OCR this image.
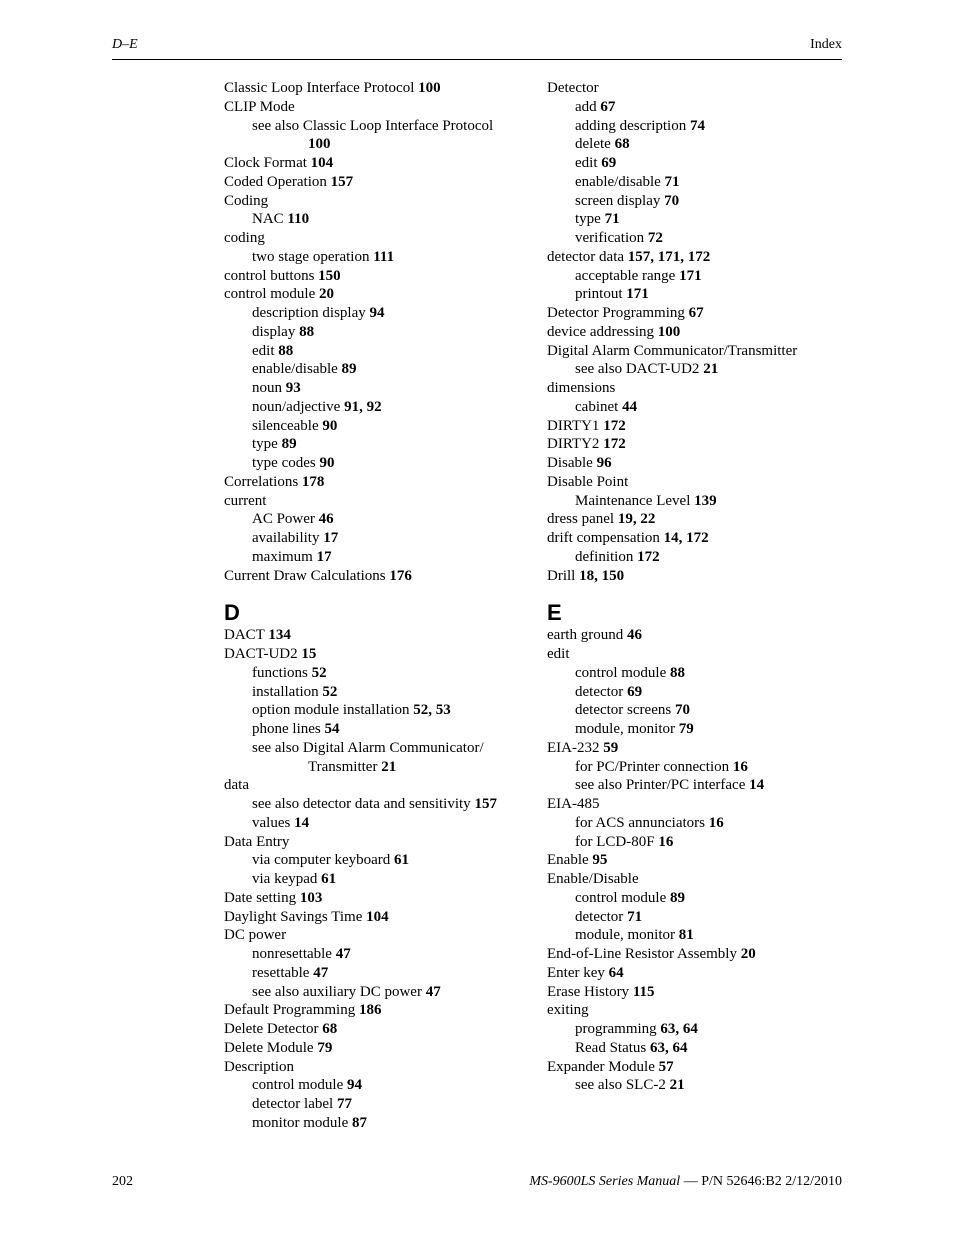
D–E	Index
Classic Loop Interface Protocol 100
CLIP Mode
see also Classic Loop Interface Protocol
100
Clock Format 104
Coded Operation 157
Coding
NAC 110
coding
two stage operation 111
control buttons 150
control module 20
description display 94
display 88
edit 88
enable/disable 89
noun 93
noun/adjective 91, 92
silenceable 90
type 89
type codes 90
Correlations 178
current
AC Power 46
availability 17
maximum 17
Current Draw Calculations 176
D
DACT 134
DACT-UD2 15
functions 52
installation 52
option module installation 52, 53
phone lines 54
see also Digital Alarm Communicator/
Transmitter 21
data
see also detector data and sensitivity 157
values 14
Data Entry
via computer keyboard 61
via keypad 61
Date setting 103
Daylight Savings Time 104
DC power
nonresettable 47
resettable 47
see also auxiliary DC power 47
Default Programming 186
Delete Detector 68
Delete Module 79
Description
control module 94
detector label 77
monitor module 87
Detector
add 67
adding description 74
delete 68
edit 69
enable/disable 71
screen display 70
type 71
verification 72
detector data 157, 171, 172
acceptable range 171
printout 171
Detector Programming 67
device addressing 100
Digital Alarm Communicator/Transmitter
see also DACT-UD2 21
dimensions
cabinet 44
DIRTY1 172
DIRTY2 172
Disable 96
Disable Point
Maintenance Level 139
dress panel 19, 22
drift compensation 14, 172
definition 172
Drill 18, 150
E
earth ground 46
edit
control module 88
detector 69
detector screens 70
module, monitor 79
EIA-232 59
for PC/Printer connection 16
see also Printer/PC interface 14
EIA-485
for ACS annunciators 16
for LCD-80F 16
Enable 95
Enable/Disable
control module 89
detector 71
module, monitor 81
End-of-Line Resistor Assembly 20
Enter key 64
Erase History 115
exiting
programming 63, 64
Read Status 63, 64
Expander Module 57
see also SLC-2 21
202	MS-9600LS Series Manual — P/N 52646:B2 2/12/2010
